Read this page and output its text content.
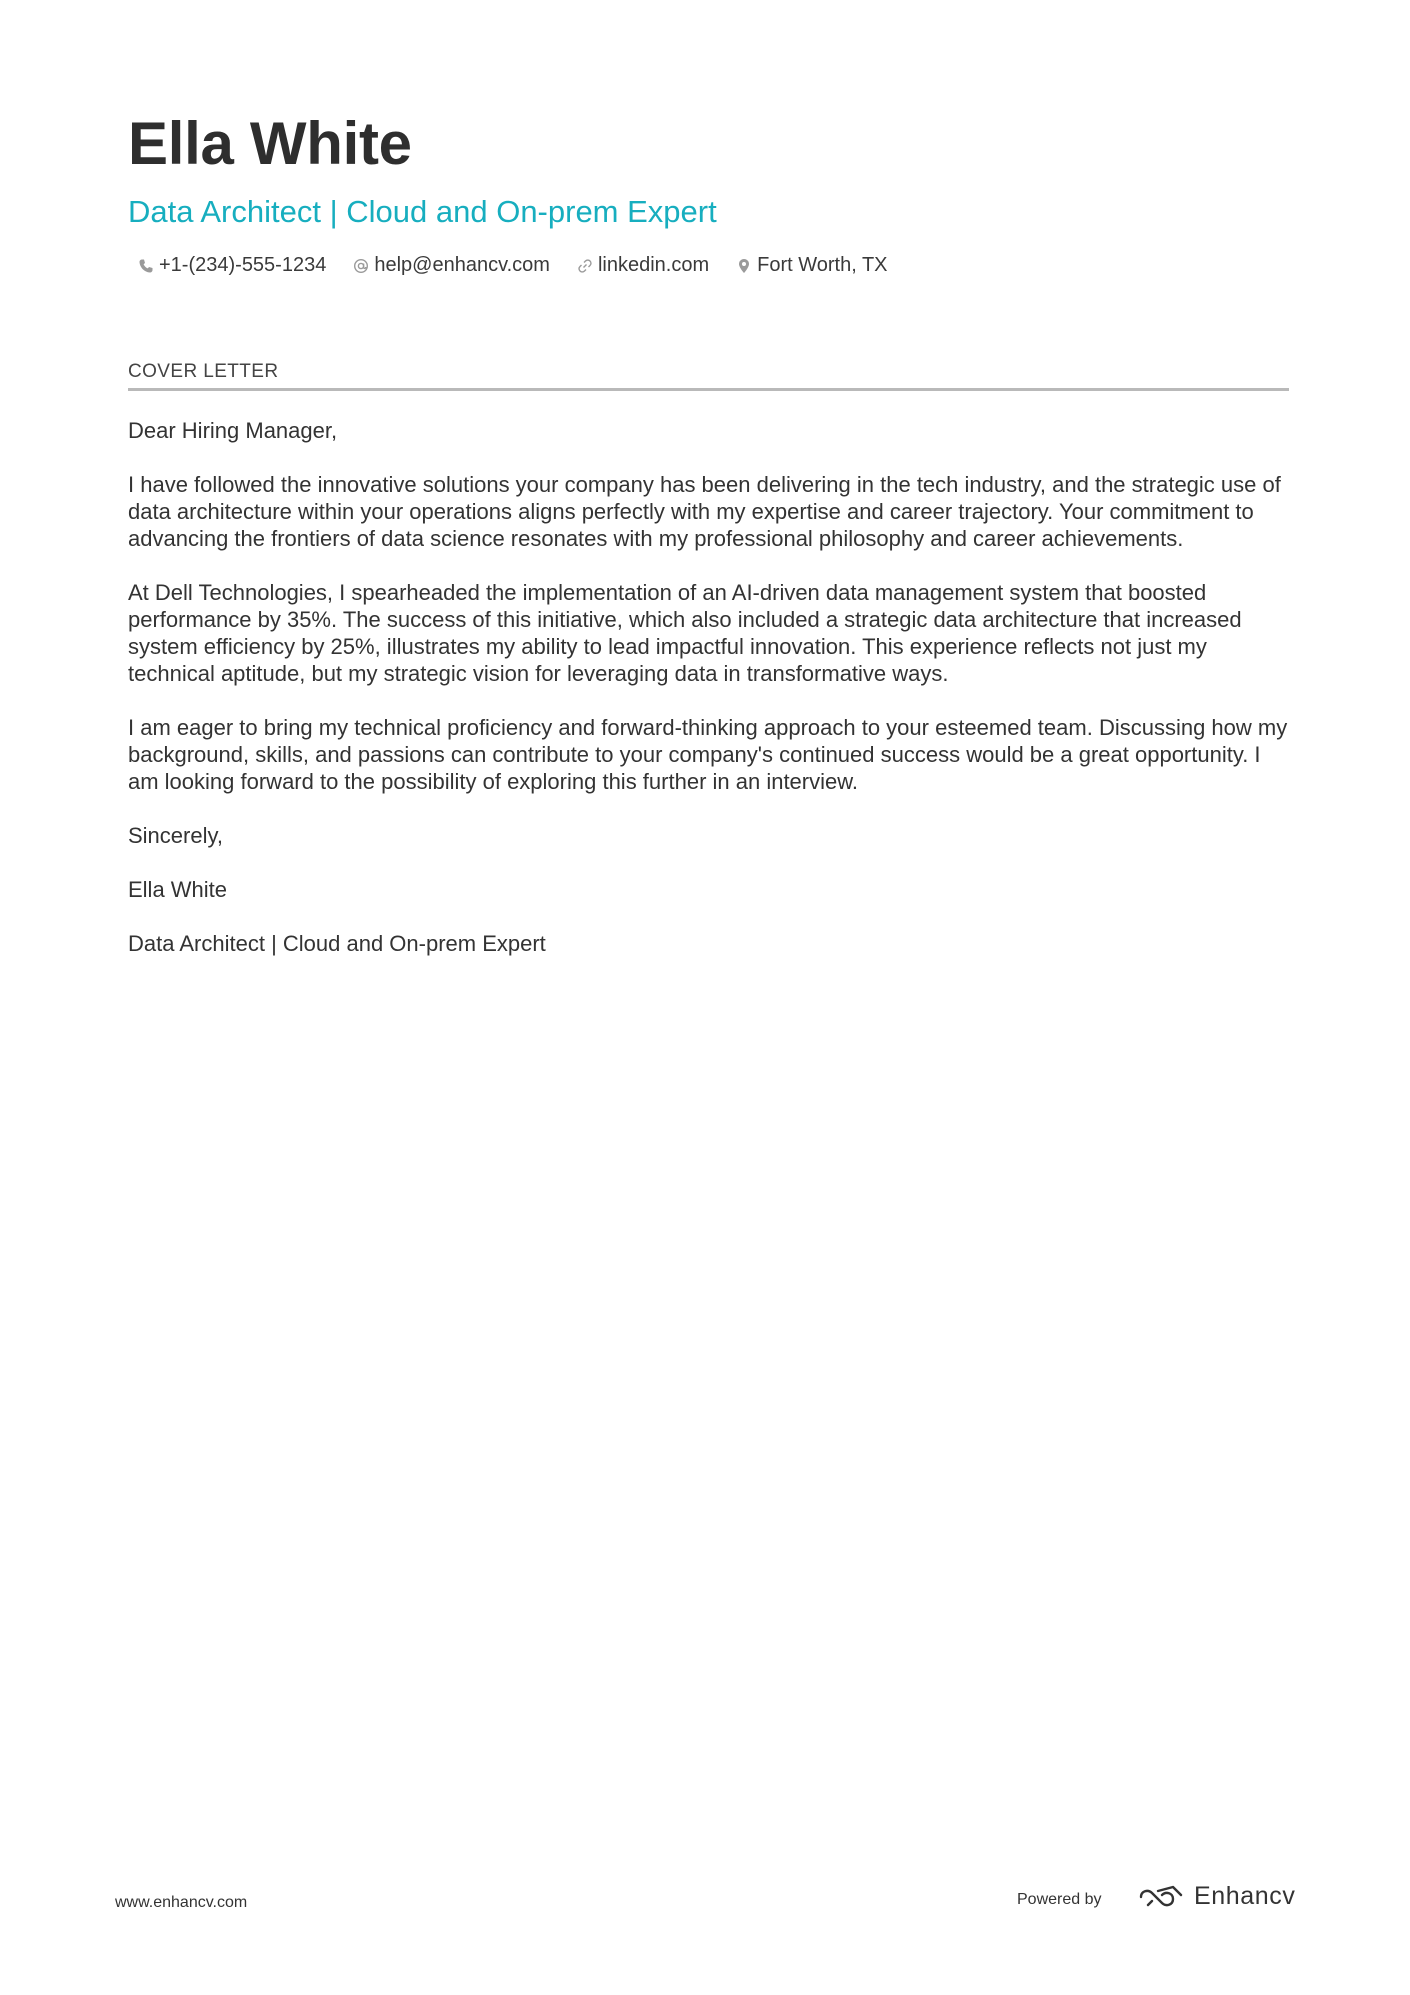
Ella White
Data Architect | Cloud and On-prem Expert
+1-(234)-555-1234 help@enhancv.com linkedin.com Fort Worth, TX
COVER LETTER

Dear Hiring Manager,

I have followed the innovative solutions your company has been delivering in the tech industry, and the strategic use of data architecture within your operations aligns perfectly with my expertise and career trajectory. Your commitment to advancing the frontiers of data science resonates with my professional philosophy and career achievements.

At Dell Technologies, I spearheaded the implementation of an AI-driven data management system that boosted performance by 35%. The success of this initiative, which also included a strategic data architecture that increased system efficiency by 25%, illustrates my ability to lead impactful innovation. This experience reflects not just my technical aptitude, but my strategic vision for leveraging data in transformative ways.

I am eager to bring my technical proficiency and forward-thinking approach to your esteemed team. Discussing how my background, skills, and passions can contribute to your company's continued success would be a great opportunity. I am looking forward to the possibility of exploring this further in an interview.

Sincerely,

Ella White

Data Architect | Cloud and On-prem Expert

www.enhancv.com	Powered by	Enhancv
